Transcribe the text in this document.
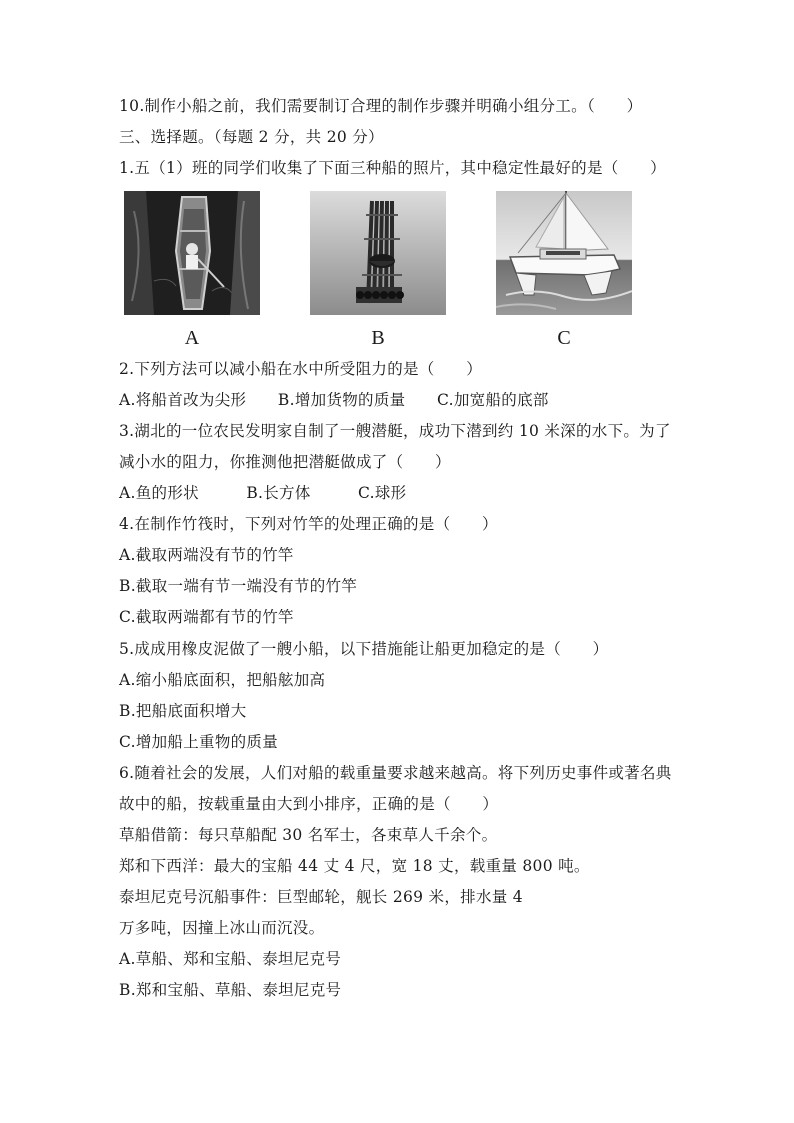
10.制作小船之前，我们需要制订合理的制作步骤并明确小组分工。（　　）
三、选择题。（每题 2 分，共 20 分）
1.五（1）班的同学们收集了下面三种船的照片，其中稳定性最好的是（　　）
A	B	C
2.下列方法可以减小船在水中所受阻力的是（　　）
A.将船首改为尖形　　B.增加货物的质量　　C.加宽船的底部
3.湖北的一位农民发明家自制了一艘潜艇，成功下潜到约 10 米深的水下。为了
减小水的阻力，你推测他把潜艇做成了（　　）
A.鱼的形状　　　B.长方体　　　C.球形
4.在制作竹筏时，下列对竹竿的处理正确的是（　　）
A.截取两端没有节的竹竿
B.截取一端有节一端没有节的竹竿
C.截取两端都有节的竹竿
5.成成用橡皮泥做了一艘小船，以下措施能让船更加稳定的是（　　）
A.缩小船底面积，把船舷加高
B.把船底面积增大
C.增加船上重物的质量
6.随着社会的发展，人们对船的载重量要求越来越高。将下列历史事件或著名典
故中的船，按载重量由大到小排序，正确的是（　　）
草船借箭：每只草船配 30 名军士，各束草人千余个。
郑和下西洋：最大的宝船 44 丈 4 尺，宽 18 丈，载重量 800 吨。
泰坦尼克号沉船事件：巨型邮轮，舰长 269 米，排水量 4
万多吨，因撞上冰山而沉没。
A.草船、郑和宝船、泰坦尼克号
B.郑和宝船、草船、泰坦尼克号
